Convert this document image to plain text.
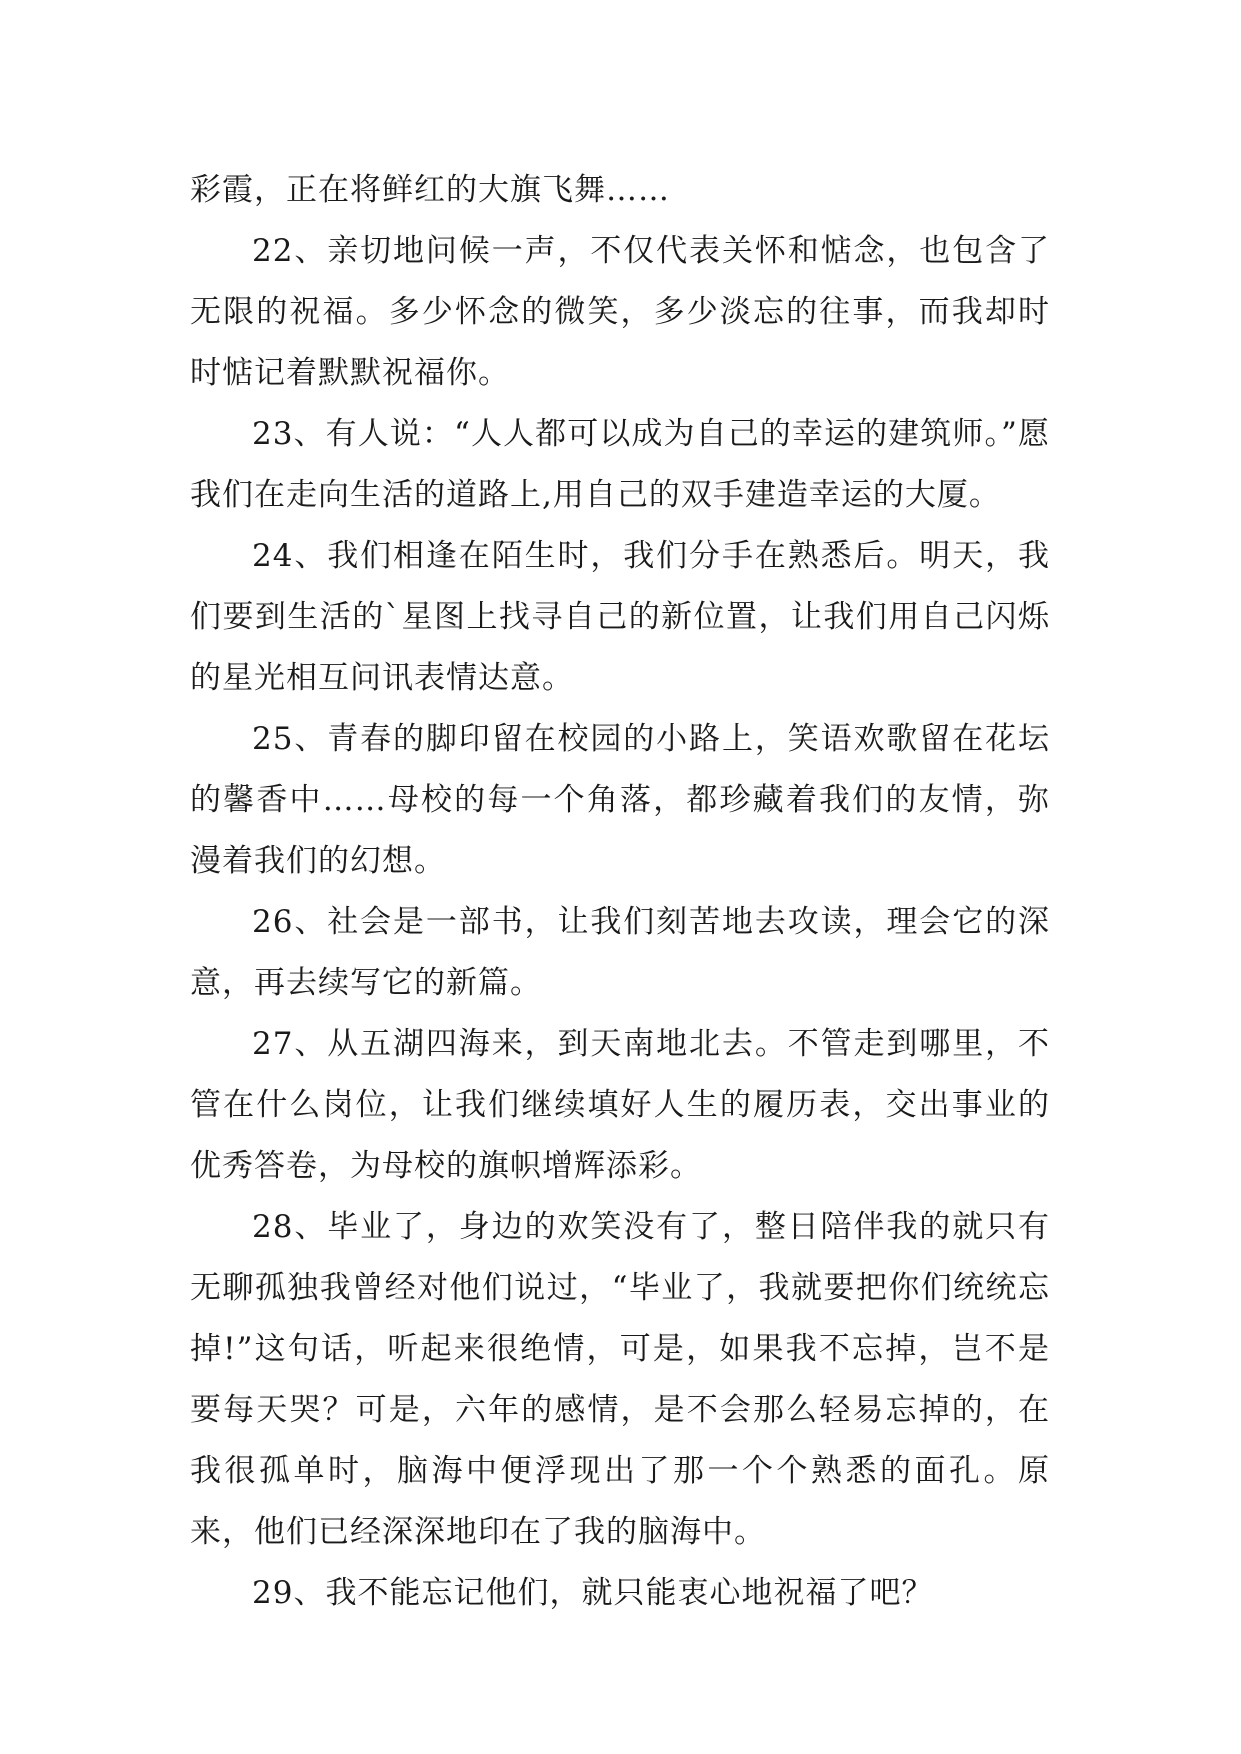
彩霞，正在将鲜红的大旗飞舞……

22、亲切地问候一声，不仅代表关怀和惦念，也包含了无限的祝福。多少怀念的微笑，多少淡忘的往事，而我却时时惦记着默默祝福你。

23、有人说：“人人都可以成为自己的幸运的建筑师。”愿我们在走向生活的道路上,用自己的双手建造幸运的大厦。

24、我们相逢在陌生时，我们分手在熟悉后。明天，我们要到生活的`星图上找寻自己的新位置，让我们用自己闪烁的星光相互问讯表情达意。

25、青春的脚印留在校园的小路上，笑语欢歌留在花坛的馨香中……母校的每一个角落，都珍藏着我们的友情，弥漫着我们的幻想。

26、社会是一部书，让我们刻苦地去攻读，理会它的深意，再去续写它的新篇。

27、从五湖四海来，到天南地北去。不管走到哪里，不管在什么岗位，让我们继续填好人生的履历表，交出事业的优秀答卷，为母校的旗帜增辉添彩。

28、毕业了，身边的欢笑没有了，整日陪伴我的就只有无聊孤独我曾经对他们说过，“毕业了，我就要把你们统统忘掉!”这句话，听起来很绝情，可是，如果我不忘掉，岂不是要每天哭？可是，六年的感情，是不会那么轻易忘掉的，在我很孤单时，脑海中便浮现出了那一个个熟悉的面孔。原来，他们已经深深地印在了我的脑海中。

29、我不能忘记他们，就只能衷心地祝福了吧？
